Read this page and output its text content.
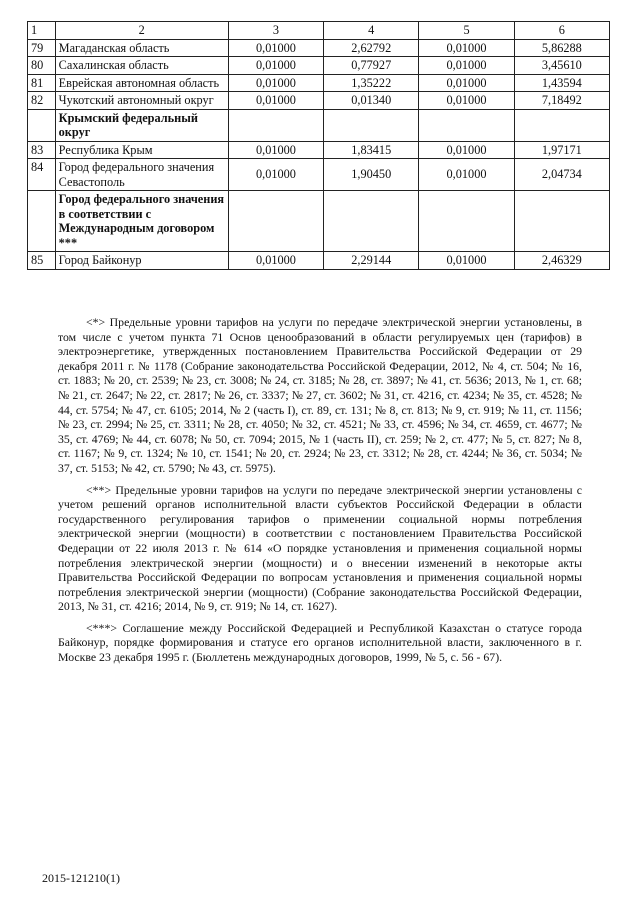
1	2	3	4	5	6
79	Магаданская область	0,01000	2,62792	0,01000	5,86288
80	Сахалинская область	0,01000	0,77927	0,01000	3,45610
81	Еврейская автономная область	0,01000	1,35222	0,01000	1,43594
82	Чукотский автономный округ	0,01000	0,01340	0,01000	7,18492
	Крымский федеральный округ				
83	Республика Крым	0,01000	1,83415	0,01000	1,97171
84	Город федерального значения Севастополь	0,01000	1,90450	0,01000	2,04734
	Город федерального значения в соответствии с Международным договором ***				
85	Город Байконур	0,01000	2,29144	0,01000	2,46329

<*> Предельные уровни тарифов на услуги по передаче электрической энергии установлены, в том числе с учетом пункта 71 Основ ценообразований в области регулируемых цен (тарифов) в электроэнергетике, утвержденных постановлением Правительства Российской Федерации от 29 декабря 2011 г. № 1178 (Собрание законодательства Российской Федерации, 2012, № 4, ст. 504; № 16, ст. 1883; № 20, ст. 2539; № 23, ст. 3008; № 24, ст. 3185; № 28, ст. 3897; № 41, ст. 5636; 2013, № 1, ст. 68; № 21, ст. 2647; № 22, ст. 2817; № 26, ст. 3337; № 27, ст. 3602; № 31, ст. 4216, ст. 4234; № 35, ст. 4528; № 44, ст. 5754; № 47, ст. 6105; 2014, № 2 (часть I), ст. 89, ст. 131; № 8, ст. 813; № 9, ст. 919; № 11, ст. 1156; № 23, ст. 2994; № 25, ст. 3311; № 28, ст. 4050; № 32, ст. 4521; № 33, ст. 4596; № 34, ст. 4659, ст. 4677; № 35, ст. 4769; № 44, ст. 6078; № 50, ст. 7094; 2015, № 1 (часть II), ст. 259; № 2, ст. 477; № 5, ст. 827; № 8, ст. 1167; № 9, ст. 1324; № 10, ст. 1541; № 20, ст. 2924; № 23, ст. 3312; № 28, ст. 4244; № 36, ст. 5034; № 37, ст. 5153; № 42, ст. 5790; № 43, ст. 5975).

<**> Предельные уровни тарифов на услуги по передаче электрической энергии установлены с учетом решений органов исполнительной власти субъектов Российской Федерации в области государственного регулирования тарифов о применении социальной нормы потребления электрической энергии (мощности) в соответствии с постановлением Правительства Российской Федерации от 22 июля 2013 г. № 614 «О порядке установления и применения социальной нормы потребления электрической энергии (мощности) и о внесении изменений в некоторые акты Правительства Российской Федерации по вопросам установления и применения социальной нормы потребления электрической энергии (мощности) (Собрание законодательства Российской Федерации, 2013, № 31, ст. 4216; 2014, № 9, ст. 919; № 14, ст. 1627).

<***> Соглашение между Российской Федерацией и Республикой Казахстан о статусе города Байконур, порядке формирования и статусе его органов исполнительной власти, заключенного в г. Москве 23 декабря 1995 г. (Бюллетень международных договоров, 1999, № 5, с. 56 - 67).

2015-121210(1)
